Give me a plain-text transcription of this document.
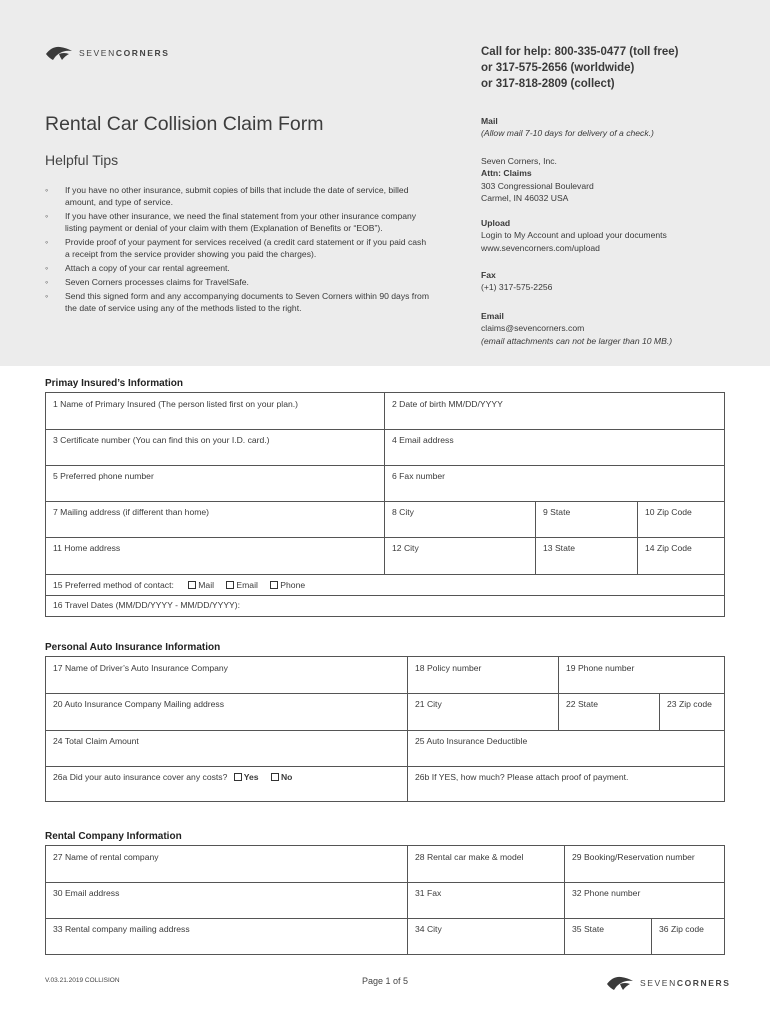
SEVENCORNERS	Call for help: 800-335-0477 (toll free)
or 317-575-2656 (worldwide)
or 317-818-2809 (collect)
Rental Car Collision Claim Form
Helpful Tips
◦ If you have no other insurance, submit copies of bills that include the date of service, billed amount, and type of service.
◦ If you have other insurance, we need the final statement from your other insurance company listing payment or denial of your claim with them (Explanation of Benefits or “EOB”).
◦ Provide proof of your payment for services received (a credit card statement or if you paid cash a receipt from the service provider showing you paid the charges).
◦ Attach a copy of your car rental agreement.
◦ Seven Corners processes claims for TravelSafe.
◦ Send this signed form and any accompanying documents to Seven Corners within 90 days from the date of service using any of the methods listed to the right.
Mail
(Allow mail 7-10 days for delivery of a check.)
Seven Corners, Inc.
Attn: Claims
303 Congressional Boulevard
Carmel, IN 46032 USA
Upload
Login to My Account and upload your documents
www.sevencorners.com/upload
Fax
(+1) 317-575-2256
Email
claims@sevencorners.com
(email attachments can not be larger than 10 MB.)
Primay Insured’s Information
1 Name of Primary Insured (The person listed first on your plan.)	2 Date of birth MM/DD/YYYY
3 Certificate number (You can find this on your I.D. card.)	4 Email address
5 Preferred phone number	6 Fax number
7 Mailing address (if different than home)	8 City	9 State	10 Zip Code
11 Home address	12 City	13 State	14 Zip Code
15 Preferred method of contact:	Mail	Email	Phone
16 Travel Dates (MM/DD/YYYY - MM/DD/YYYY):
Personal Auto Insurance Information
17 Name of Driver’s Auto Insurance Company	18 Policy number	19 Phone number
20 Auto Insurance Company Mailing address	21 City	22 State	23 Zip code
24 Total Claim Amount	25 Auto Insurance Deductible
26a Did your auto insurance cover any costs? Yes	No	26b If YES, how much? Please attach proof of payment.
Rental Company Information
27 Name of rental company	28 Rental car make & model	29 Booking/Reservation number
30 Email address	31 Fax	32 Phone number
33 Rental company mailing address	34 City	35 State	36 Zip code
V.03.21.2019 COLLISION	Page 1 of 5	SEVENCORNERS
